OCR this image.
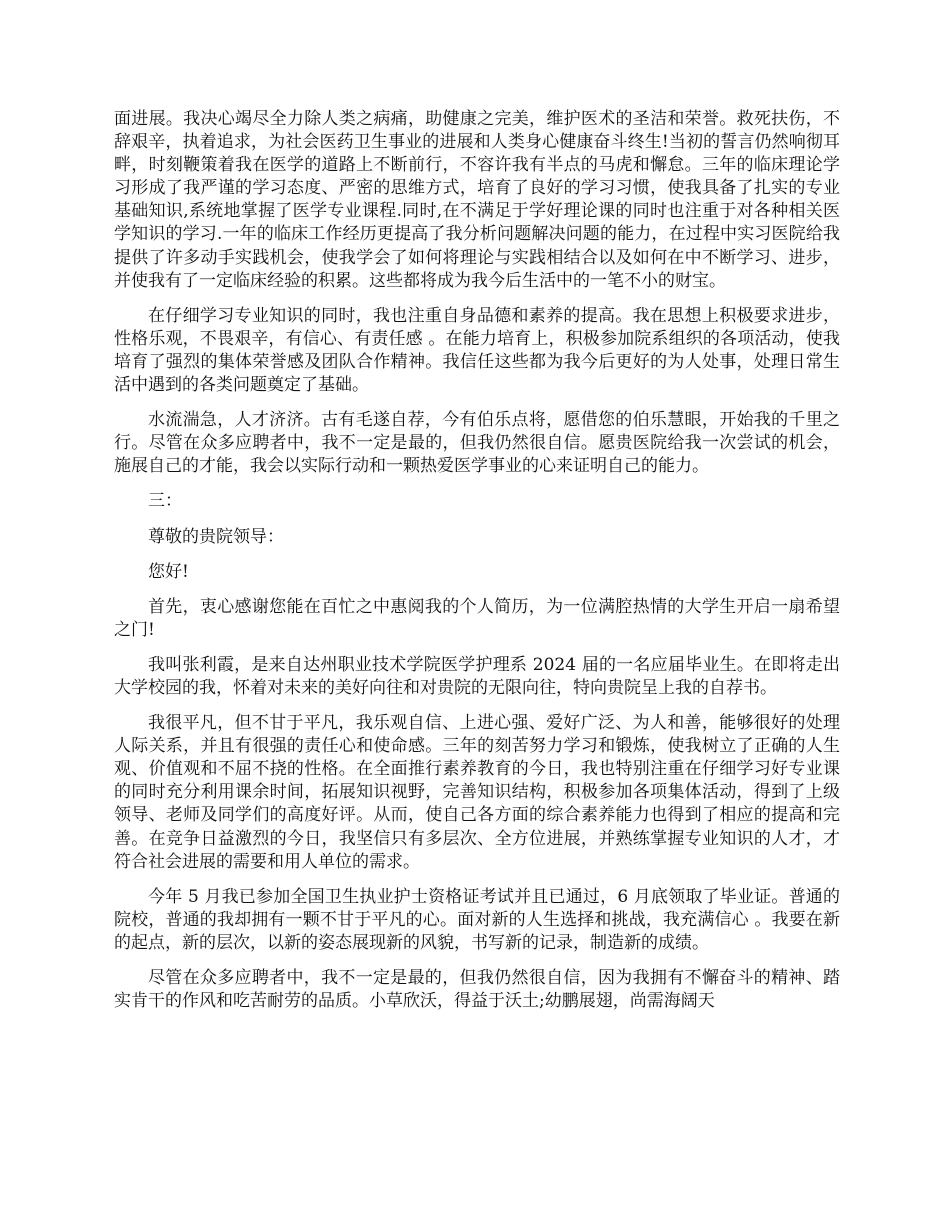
面进展。我决心竭尽全力除人类之病痛，助健康之完美，维护医术的圣洁和荣誉。救死扶伤，不辞艰辛，执着追求，为社会医药卫生事业的进展和人类身心健康奋斗终生!当初的誓言仍然响彻耳畔，时刻鞭策着我在医学的道路上不断前行，不容许我有半点的马虎和懈怠。三年的临床理论学习形成了我严谨的学习态度、严密的思维方式，培育了良好的学习习惯，使我具备了扎实的专业基础知识,系统地掌握了医学专业课程.同时,在不满足于学好理论课的同时也注重于对各种相关医学知识的学习.一年的临床工作经历更提高了我分析问题解决问题的能力，在过程中实习医院给我提供了许多动手实践机会，使我学会了如何将理论与实践相结合以及如何在中不断学习、进步，并使我有了一定临床经验的积累。这些都将成为我今后生活中的一笔不小的财宝。

在仔细学习专业知识的同时，我也注重自身品德和素养的提高。我在思想上积极要求进步，性格乐观，不畏艰辛，有信心、有责任感 。在能力培育上，积极参加院系组织的各项活动，使我培育了强烈的集体荣誉感及团队合作精神。我信任这些都为我今后更好的为人处事，处理日常生活中遇到的各类问题奠定了基础。

水流湍急，人才济济。古有毛遂自荐，今有伯乐点将，愿借您的伯乐慧眼，开始我的千里之行。尽管在众多应聘者中，我不一定是最的，但我仍然很自信。愿贵医院给我一次尝试的机会，施展自己的才能，我会以实际行动和一颗热爱医学事业的心来证明自己的能力。

三：

尊敬的贵院领导：

您好!

首先，衷心感谢您能在百忙之中惠阅我的个人简历，为一位满腔热情的大学生开启一扇希望之门!

我叫张利霞，是来自达州职业技术学院医学护理系 2024 届的一名应届毕业生。在即将走出大学校园的我，怀着对未来的美好向往和对贵院的无限向往，特向贵院呈上我的自荐书。

我很平凡，但不甘于平凡，我乐观自信、上进心强、爱好广泛、为人和善，能够很好的处理人际关系，并且有很强的责任心和使命感。三年的刻苦努力学习和锻炼，使我树立了正确的人生观、价值观和不屈不挠的性格。在全面推行素养教育的今日，我也特别注重在仔细学习好专业课的同时充分利用课余时间，拓展知识视野，完善知识结构，积极参加各项集体活动，得到了上级领导、老师及同学们的高度好评。从而，使自己各方面的综合素养能力也得到了相应的提高和完善。在竞争日益激烈的今日，我坚信只有多层次、全方位进展，并熟练掌握专业知识的人才，才符合社会进展的需要和用人单位的需求。

今年 5 月我已参加全国卫生执业护士资格证考试并且已通过，6 月底领取了毕业证。普通的院校，普通的我却拥有一颗不甘于平凡的心。面对新的人生选择和挑战，我充满信心 。我要在新的起点，新的层次，以新的姿态展现新的风貌，书写新的记录，制造新的成绩。

尽管在众多应聘者中，我不一定是最的，但我仍然很自信，因为我拥有不懈奋斗的精神、踏实肯干的作风和吃苦耐劳的品质。小草欣沃，得益于沃土;幼鹏展翅，尚需海阔天
